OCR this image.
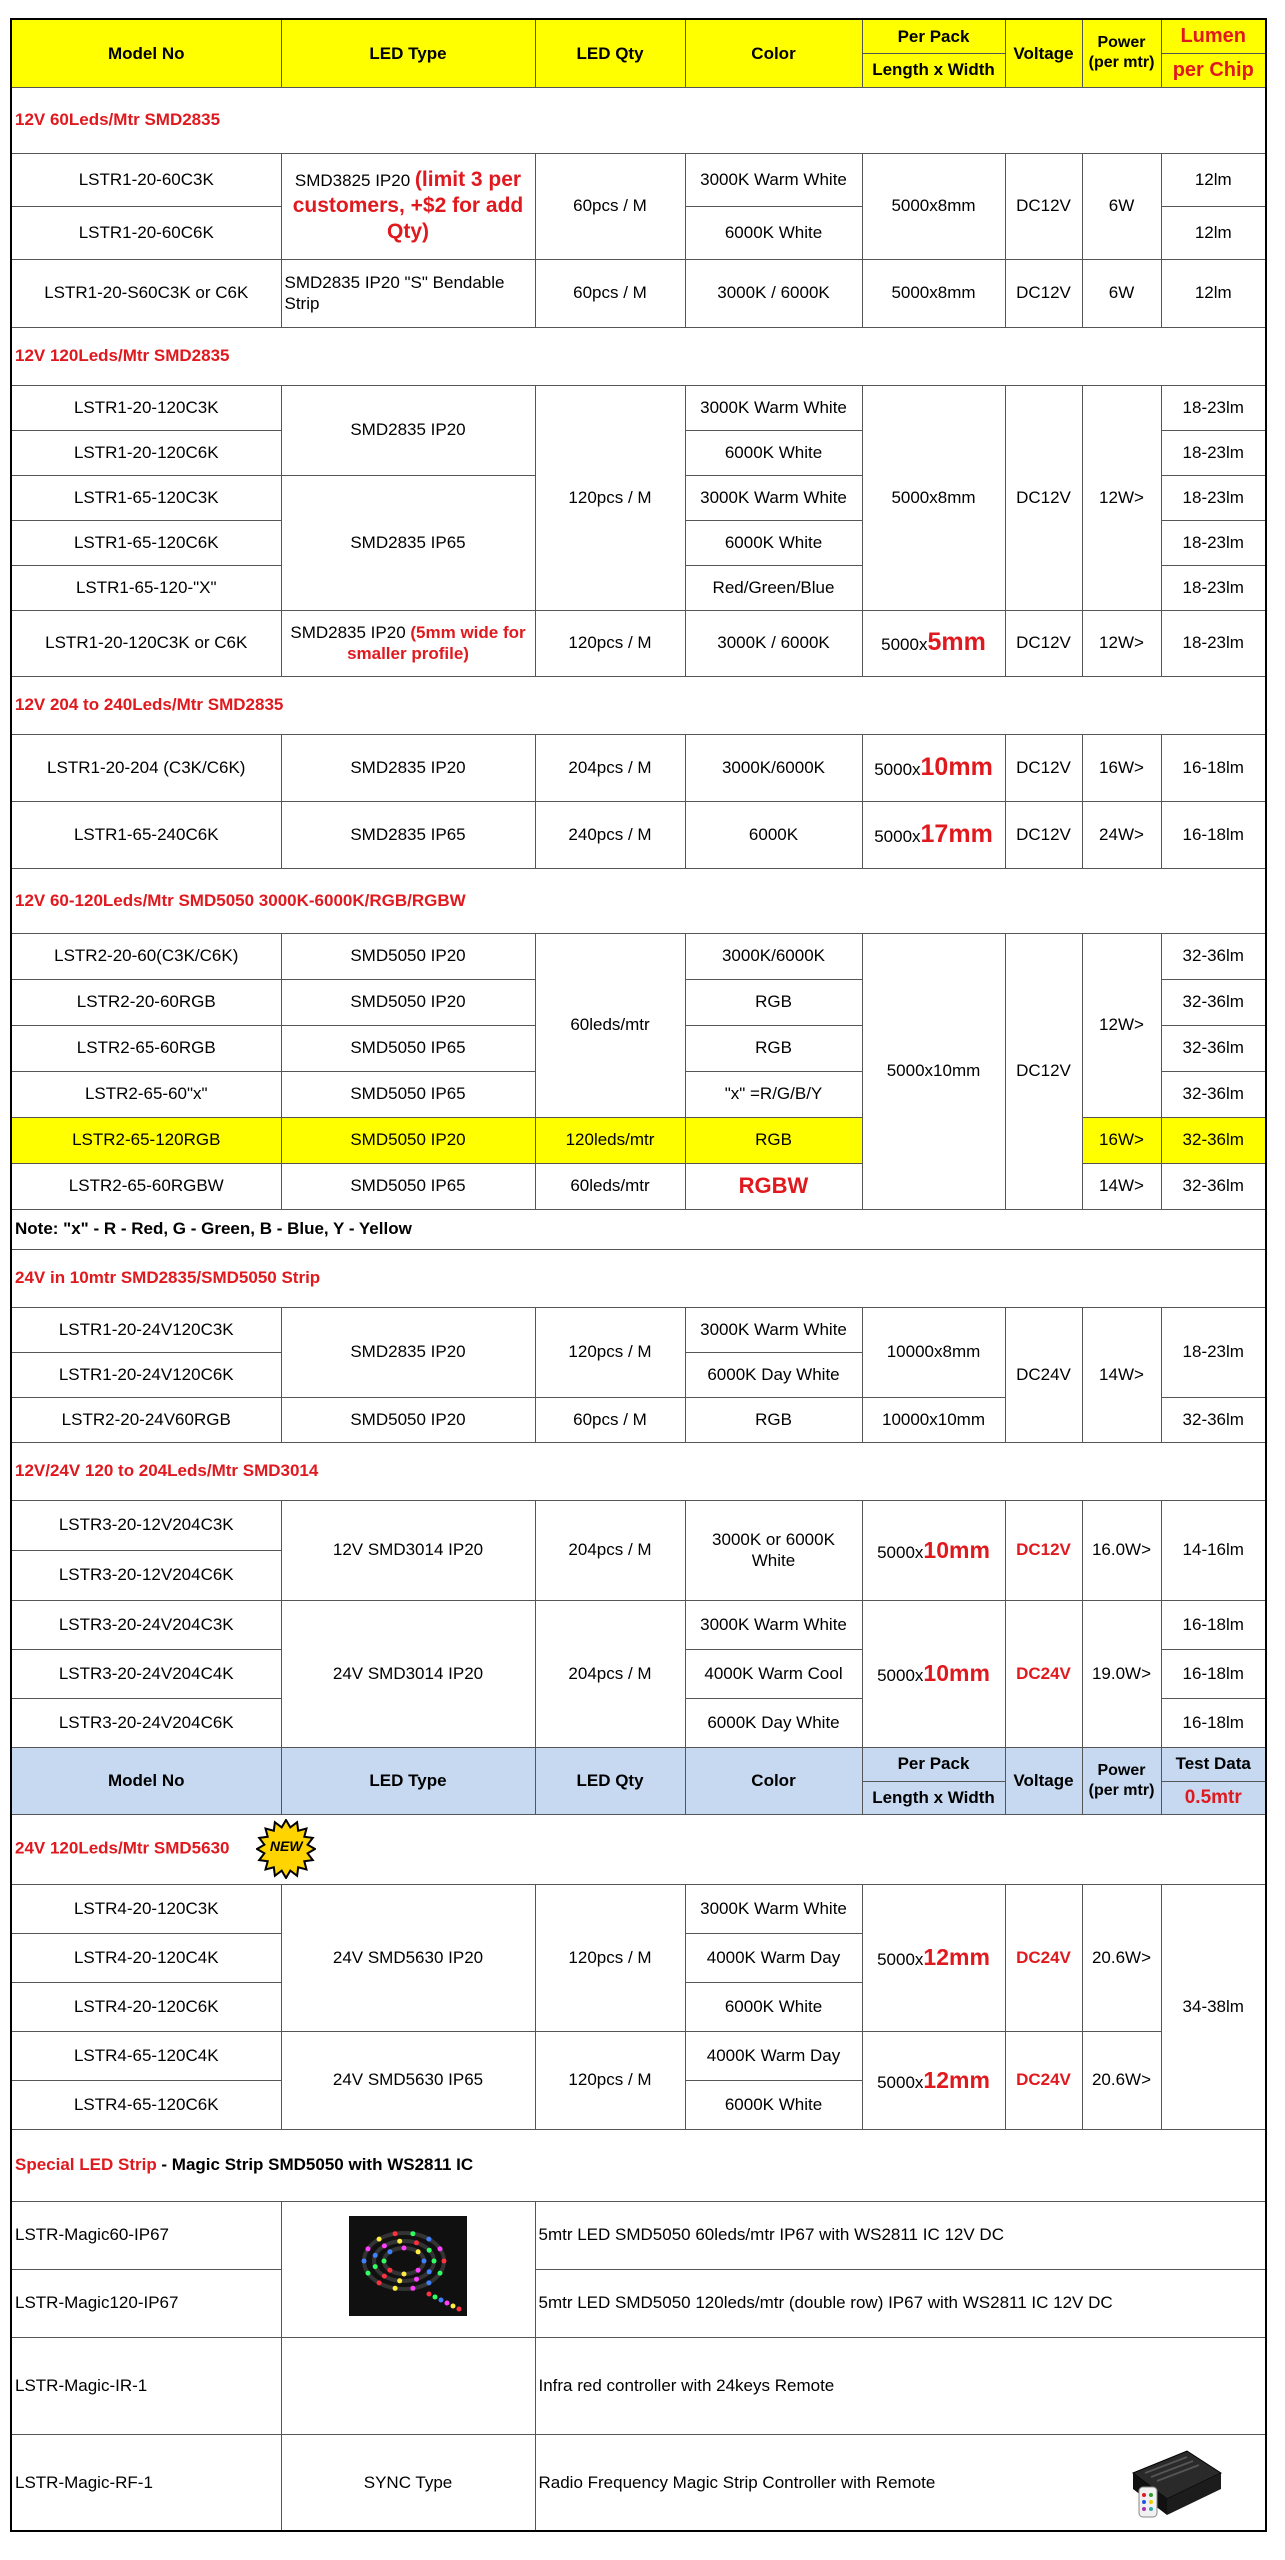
Model No	LED Type	LED Qty	Color	Per Pack	Voltage	Power (per mtr)	Lumen
				Length x Width			per Chip
12V 60Leds/Mtr SMD2835							
LSTR1-20-60C3K	SMD3825 IP20 (limit 3 per customers, +$2 for add Qty)	60pcs / M	3000K Warm White	5000x8mm	DC12V	6W	12lm
LSTR1-20-60C6K			6000K White				12lm
LSTR1-20-S60C3K or C6K	SMD2835 IP20 "S" Bendable Strip	60pcs / M	3000K / 6000K	5000x8mm	DC12V	6W	12lm
12V 120Leds/Mtr SMD2835							
LSTR1-20-120C3K	SMD2835 IP20	120pcs / M	3000K Warm White	5000x8mm	DC12V	12W>	18-23lm
LSTR1-20-120C6K			6000K White				18-23lm
LSTR1-65-120C3K	SMD2835 IP65		3000K Warm White				18-23lm
LSTR1-65-120C6K			6000K White				18-23lm
LSTR1-65-120-"X"			Red/Green/Blue				18-23lm
LSTR1-20-120C3K or C6K	SMD2835 IP20 (5mm wide for smaller profile)	120pcs / M	3000K / 6000K	5000x5mm	DC12V	12W>	18-23lm
12V 204 to 240Leds/Mtr SMD2835							
LSTR1-20-204 (C3K/C6K)	SMD2835 IP20	204pcs / M	3000K/6000K	5000x10mm	DC12V	16W>	16-18lm
LSTR1-65-240C6K	SMD2835 IP65	240pcs / M	6000K	5000x17mm	DC12V	24W>	16-18lm
12V 60-120Leds/Mtr SMD5050 3000K-6000K/RGB/RGBW							
LSTR2-20-60(C3K/C6K)	SMD5050 IP20	60leds/mtr	3000K/6000K	5000x10mm	DC12V	12W>	32-36lm
LSTR2-20-60RGB	SMD5050 IP20		RGB				32-36lm
LSTR2-65-60RGB	SMD5050 IP65		RGB				32-36lm
LSTR2-65-60"x"	SMD5050 IP65		"x" =R/G/B/Y				32-36lm
LSTR2-65-120RGB	SMD5050 IP20	120leds/mtr	RGB			16W>	32-36lm
LSTR2-65-60RGBW	SMD5050 IP65	60leds/mtr	RGBW			14W>	32-36lm
Note: "x" - R - Red, G - Green, B - Blue, Y - Yellow							
24V in 10mtr SMD2835/SMD5050 Strip							
LSTR1-20-24V120C3K	SMD2835 IP20	120pcs / M	3000K Warm White	10000x8mm	DC24V	14W>	18-23lm
LSTR1-20-24V120C6K			6000K Day White				
LSTR2-20-24V60RGB	SMD5050 IP20	60pcs / M	RGB	10000x10mm			32-36lm
12V/24V 120 to 204Leds/Mtr SMD3014							
LSTR3-20-12V204C3K	12V SMD3014 IP20	204pcs / M	3000K or 6000K White	5000x10mm	DC12V	16.0W>	14-16lm
LSTR3-20-12V204C6K							
LSTR3-20-24V204C3K	24V SMD3014 IP20	204pcs / M	3000K Warm White	5000x10mm	DC24V	19.0W>	16-18lm
LSTR3-20-24V204C4K			4000K Warm Cool				16-18lm
LSTR3-20-24V204C6K			6000K Day White				16-18lm
Model No	LED Type	LED Qty	Color	Per Pack	Voltage	Power (per mtr)	Test Data
				Length x Width			0.5mtr
24V 120Leds/Mtr SMD5630 NEW							

LSTR4-20-120C3K	24V SMD5630 IP20	120pcs / M	3000K Warm White	5000x12mm	DC24V	20.6W>	34-38lm
LSTR4-20-120C4K			4000K Warm Day				
LSTR4-20-120C6K			6000K White				
LSTR4-65-120C4K	24V SMD5630 IP65	120pcs / M	4000K Warm Day	5000x12mm	DC24V	20.6W>	
LSTR4-65-120C6K			6000K White				
Special LED Strip - Magic Strip SMD5050 with WS2811 IC							
LSTR-Magic60-IP67		5mtr LED SMD5050 60leds/mtr IP67 with WS2811 IC 12V DC					
LSTR-Magic120-IP67		5mtr LED SMD5050 120leds/mtr (double row) IP67 with WS2811 IC 12V DC					
LSTR-Magic-IR-1		Infra red controller with 24keys Remote					
LSTR-Magic-RF-1	SYNC Type	Radio Frequency Magic Strip Controller with Remote					
